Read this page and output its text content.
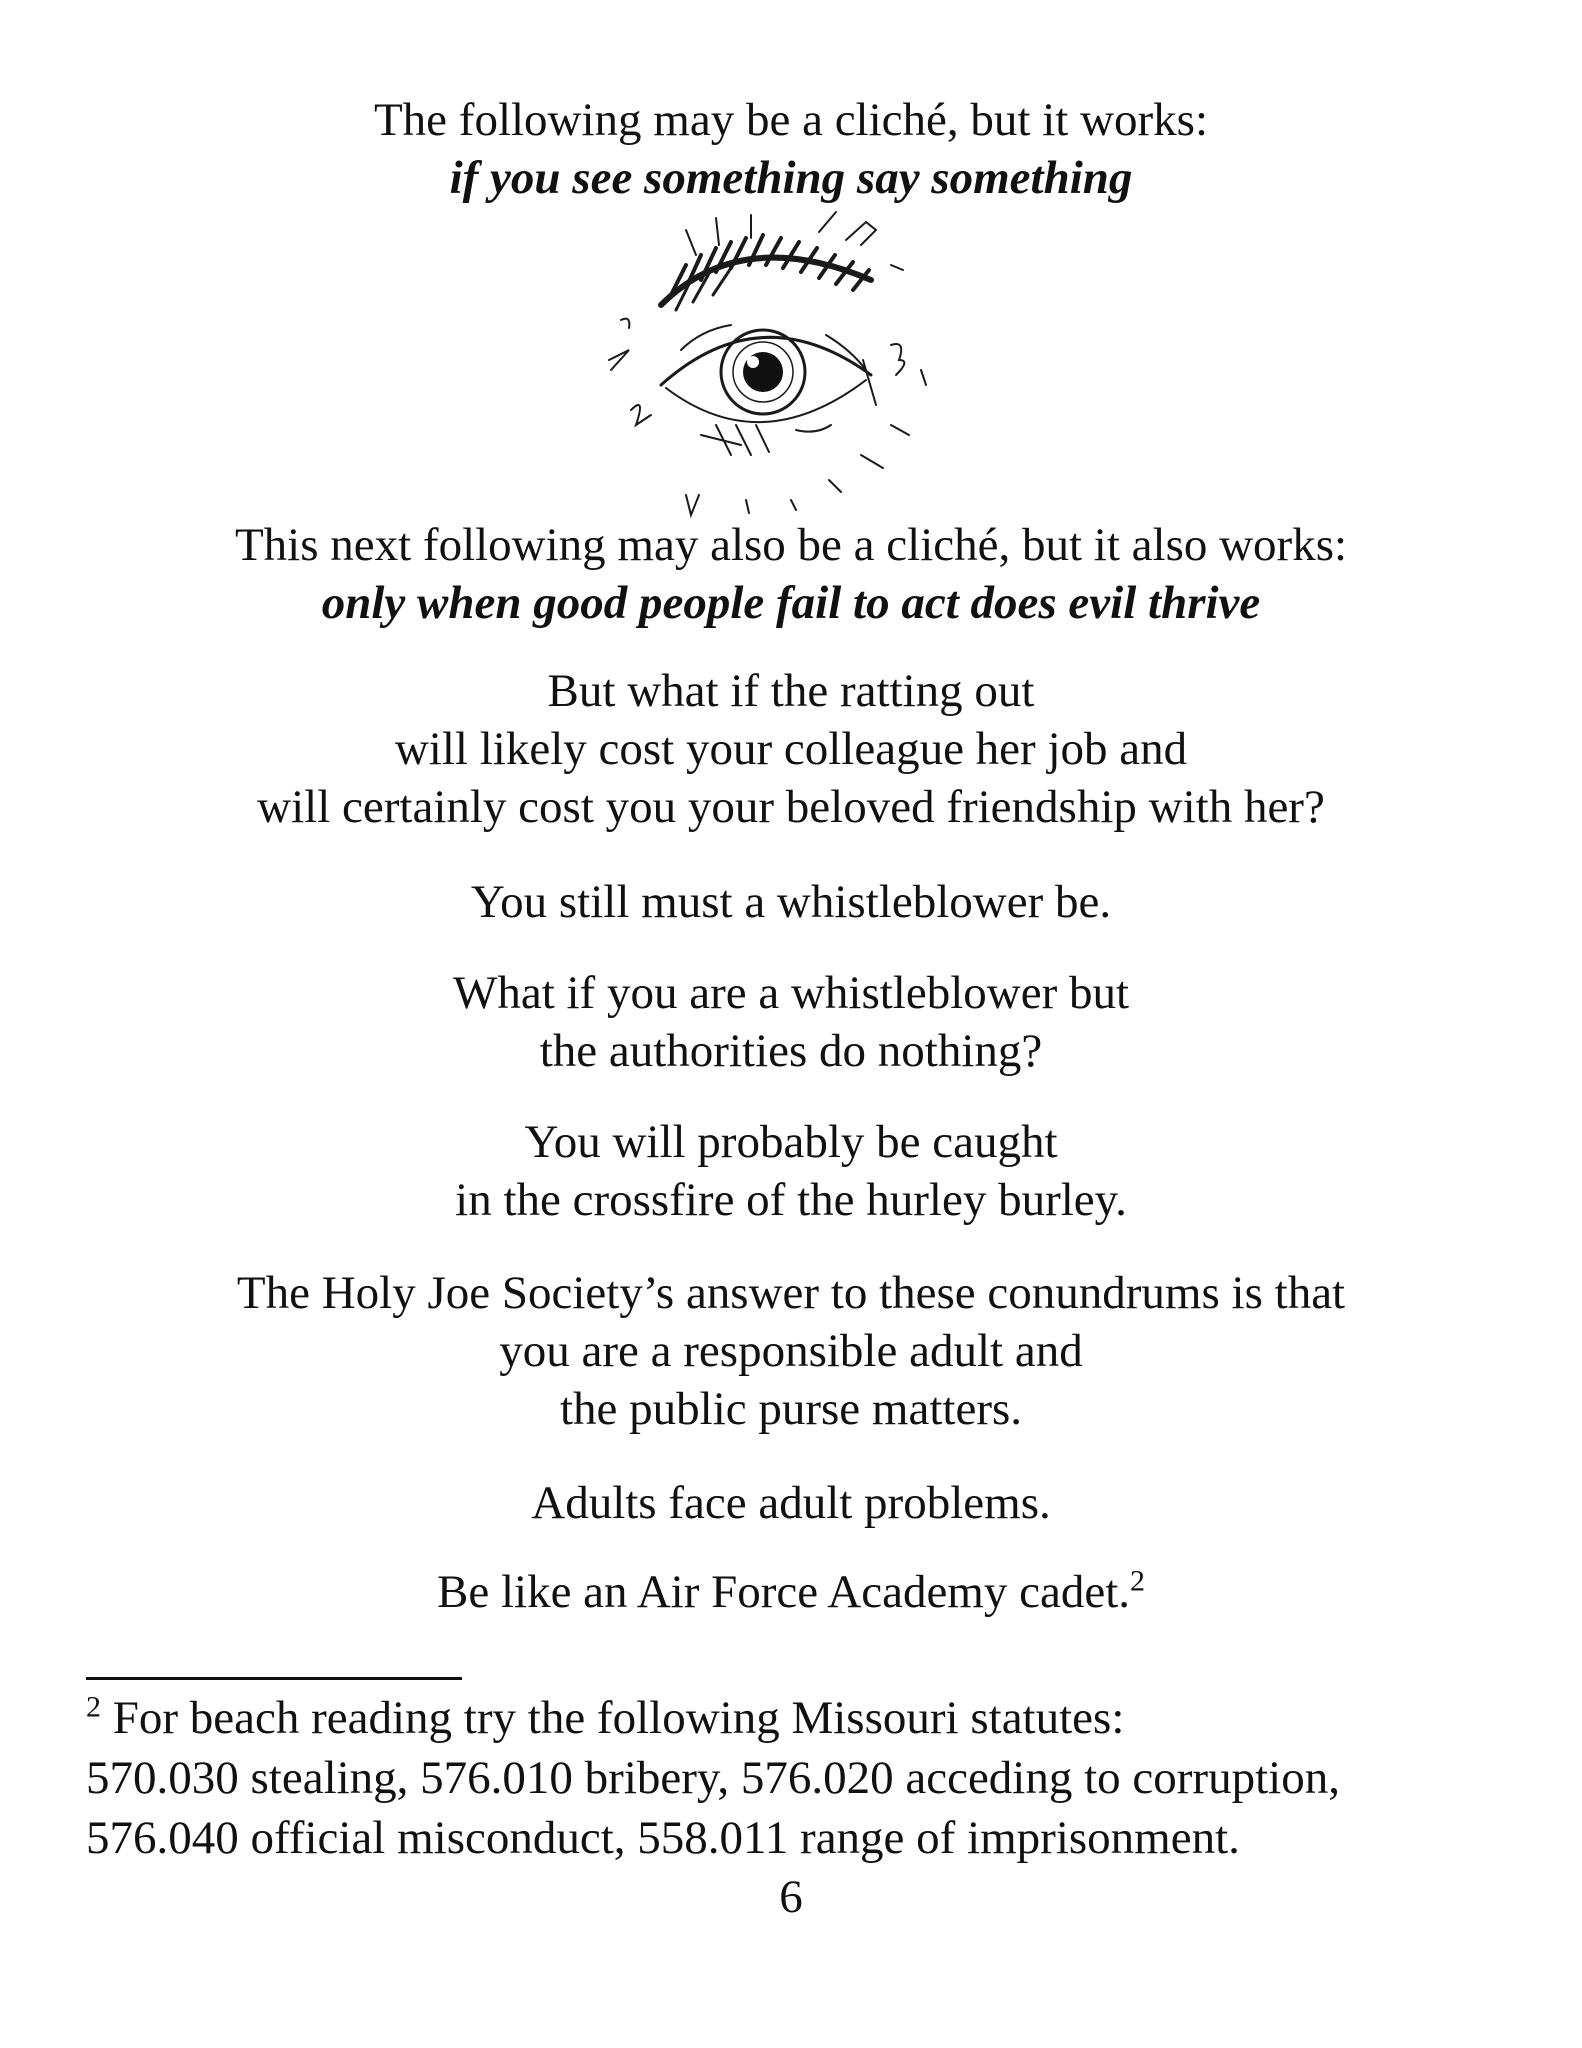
The following may be a cliché, but it works:
if you see something say something
This next following may also be a cliché, but it also works:
only when good people fail to act does evil thrive
But what if the ratting out
will likely cost your colleague her job and
will certainly cost you your beloved friendship with her?
You still must a whistleblower be.
What if you are a whistleblower but
the authorities do nothing?
You will probably be caught
in the crossfire of the hurley burley.
The Holy Joe Society’s answer to these conundrums is that
you are a responsible adult and
the public purse matters.
Adults face adult problems.
Be like an Air Force Academy cadet.$^2$
$^2$ For beach reading try the following Missouri statutes:
570.030 stealing, 576.010 bribery, 576.020 acceding to corruption,
576.040 official misconduct, 558.011 range of imprisonment.
6
